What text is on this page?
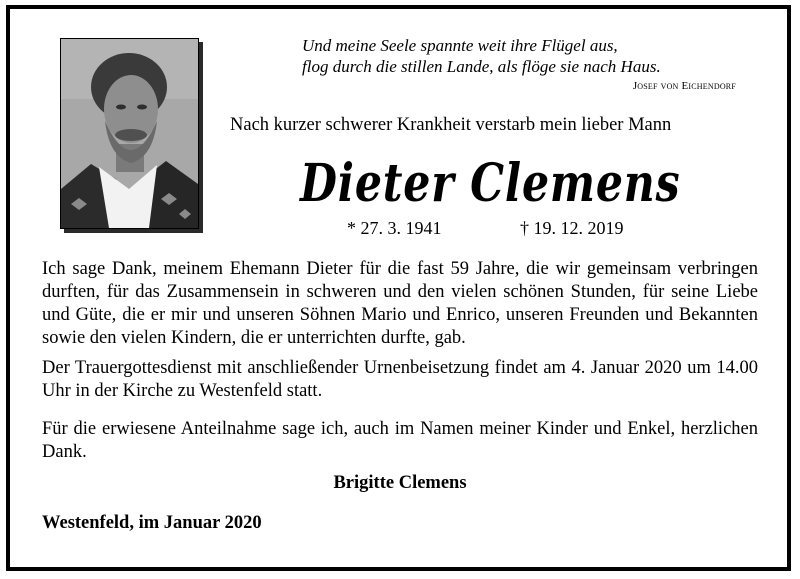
Und meine Seele spannte weit ihre Flügel aus,
flog durch die stillen Lande, als flöge sie nach Haus.
Josef von Eichendorf
Nach kurzer schwerer Krankheit verstarb mein lieber Mann
Dieter Clemens
* 27. 3. 1941	† 19. 12. 2019
Ich sage Dank, meinem Ehemann Dieter für die fast 59 Jahre, die wir gemeinsam verbringen durften, für das Zusammensein in schweren und den vielen schönen Stunden, für seine Liebe und Güte, die er mir und unseren Söhnen Mario und Enrico, unseren Freunden und Bekannten sowie den vielen Kindern, die er unterrichten durfte, gab.
Der Trauergottesdienst mit anschließender Urnenbeisetzung findet am 4. Januar 2020 um 14.00 Uhr in der Kirche zu Westenfeld statt.
Für die erwiesene Anteilnahme sage ich, auch im Namen meiner Kinder und Enkel, herzlichen Dank.
Brigitte Clemens
Westenfeld, im Januar 2020
